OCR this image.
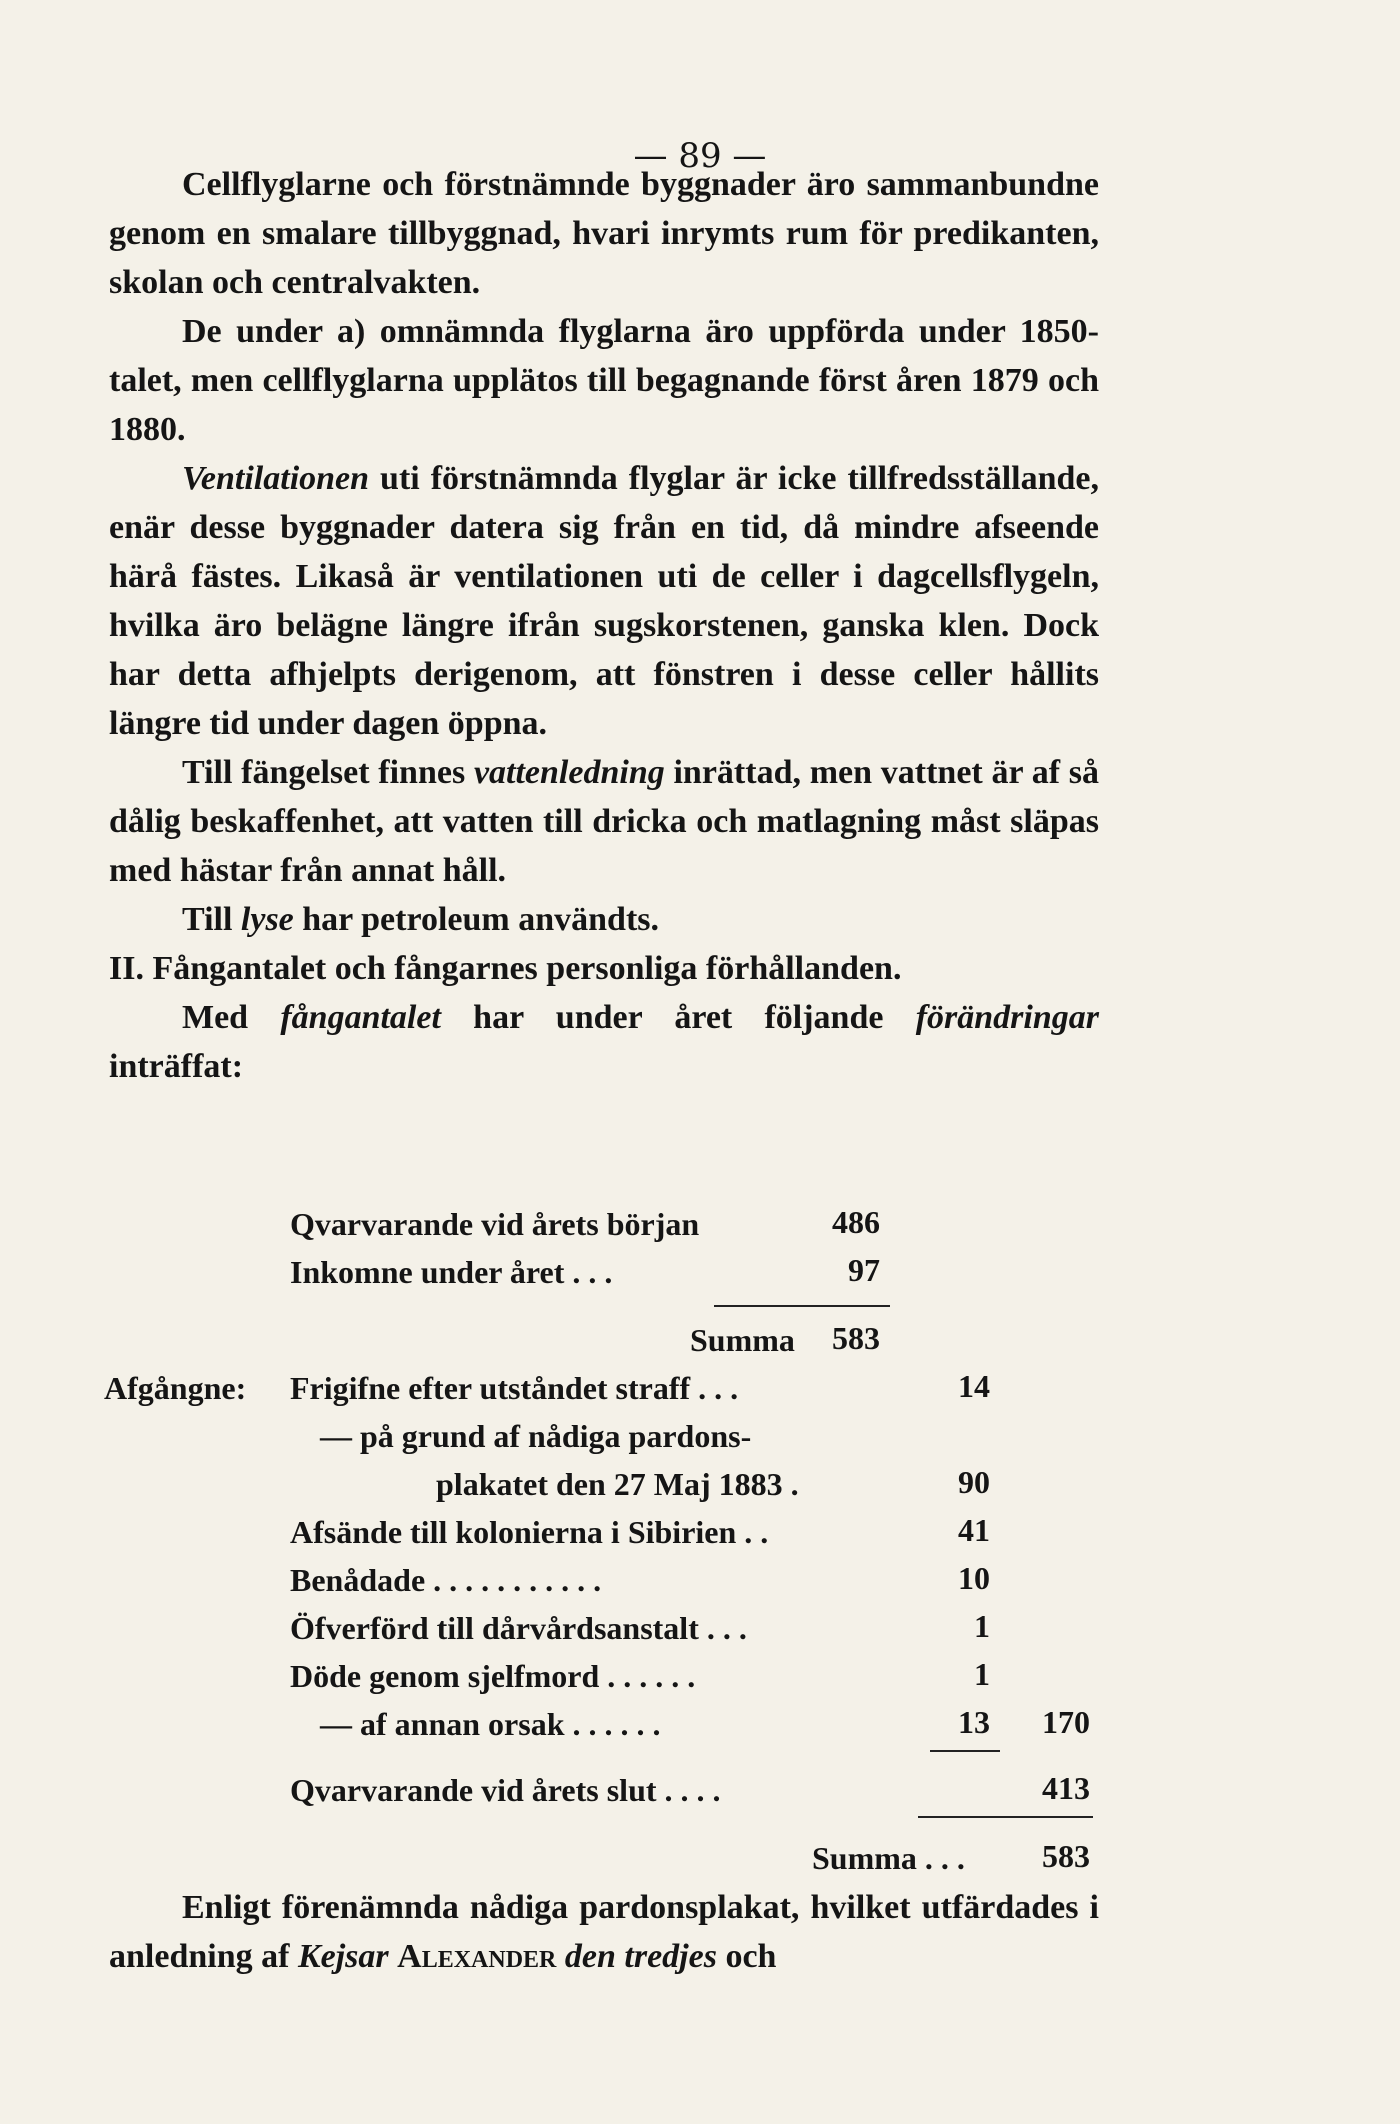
— 89 —

Cellflyglarne och förstnämnde byggnader äro sammanbundne genom en smalare tillbyggnad, hvari inrymts rum för predikanten, skolan och centralvakten.

De under a) omnämnda flyglarna äro uppförda under 1850-talet, men cellflyglarna upplätos till begagnande först åren 1879 och 1880.

Ventilationen uti förstnämnda flyglar är icke tillfredsställande, enär desse byggnader datera sig från en tid, då mindre afseende härå fästes. Likaså är ventilationen uti de celler i dagcellsflygeln, hvilka äro belägne längre ifrån sugskorstenen, ganska klen. Dock har detta afhjelpts derigenom, att fönstren i desse celler hållits längre tid under dagen öppna.

Till fängelset finnes vattenledning inrättad, men vattnet är af så dålig beskaffenhet, att vatten till dricka och matlagning måst släpas med hästar från annat håll.

Till lyse har petroleum användts.

II. Fångantalet och fångarnes personliga förhållanden.

Med fångantalet har under året följande förändringar inträffat:

Qvarvarande vid årets början	486
Inkomne under året . . .	97
Summa	583
Afgångne: Frigifne efter utståndet straff . . .	14
— på grund af nådiga pardons-
plakatet den 27 Maj 1883 .	90
Afsände till kolonierna i Sibirien . .	41
Benådade . . . . . . . . . . .	10
Öfverförd till dårvårdsanstalt . . .	1
Döde genom sjelfmord . . . . . .	1
— af annan orsak . . . . . .	13	170
Qvarvarande vid årets slut . . . .	413
Summa . . .	583

Enligt förenämnda nådiga pardonsplakat, hvilket utfärdades i anledning af Kejsar Alexander den tredjes och
